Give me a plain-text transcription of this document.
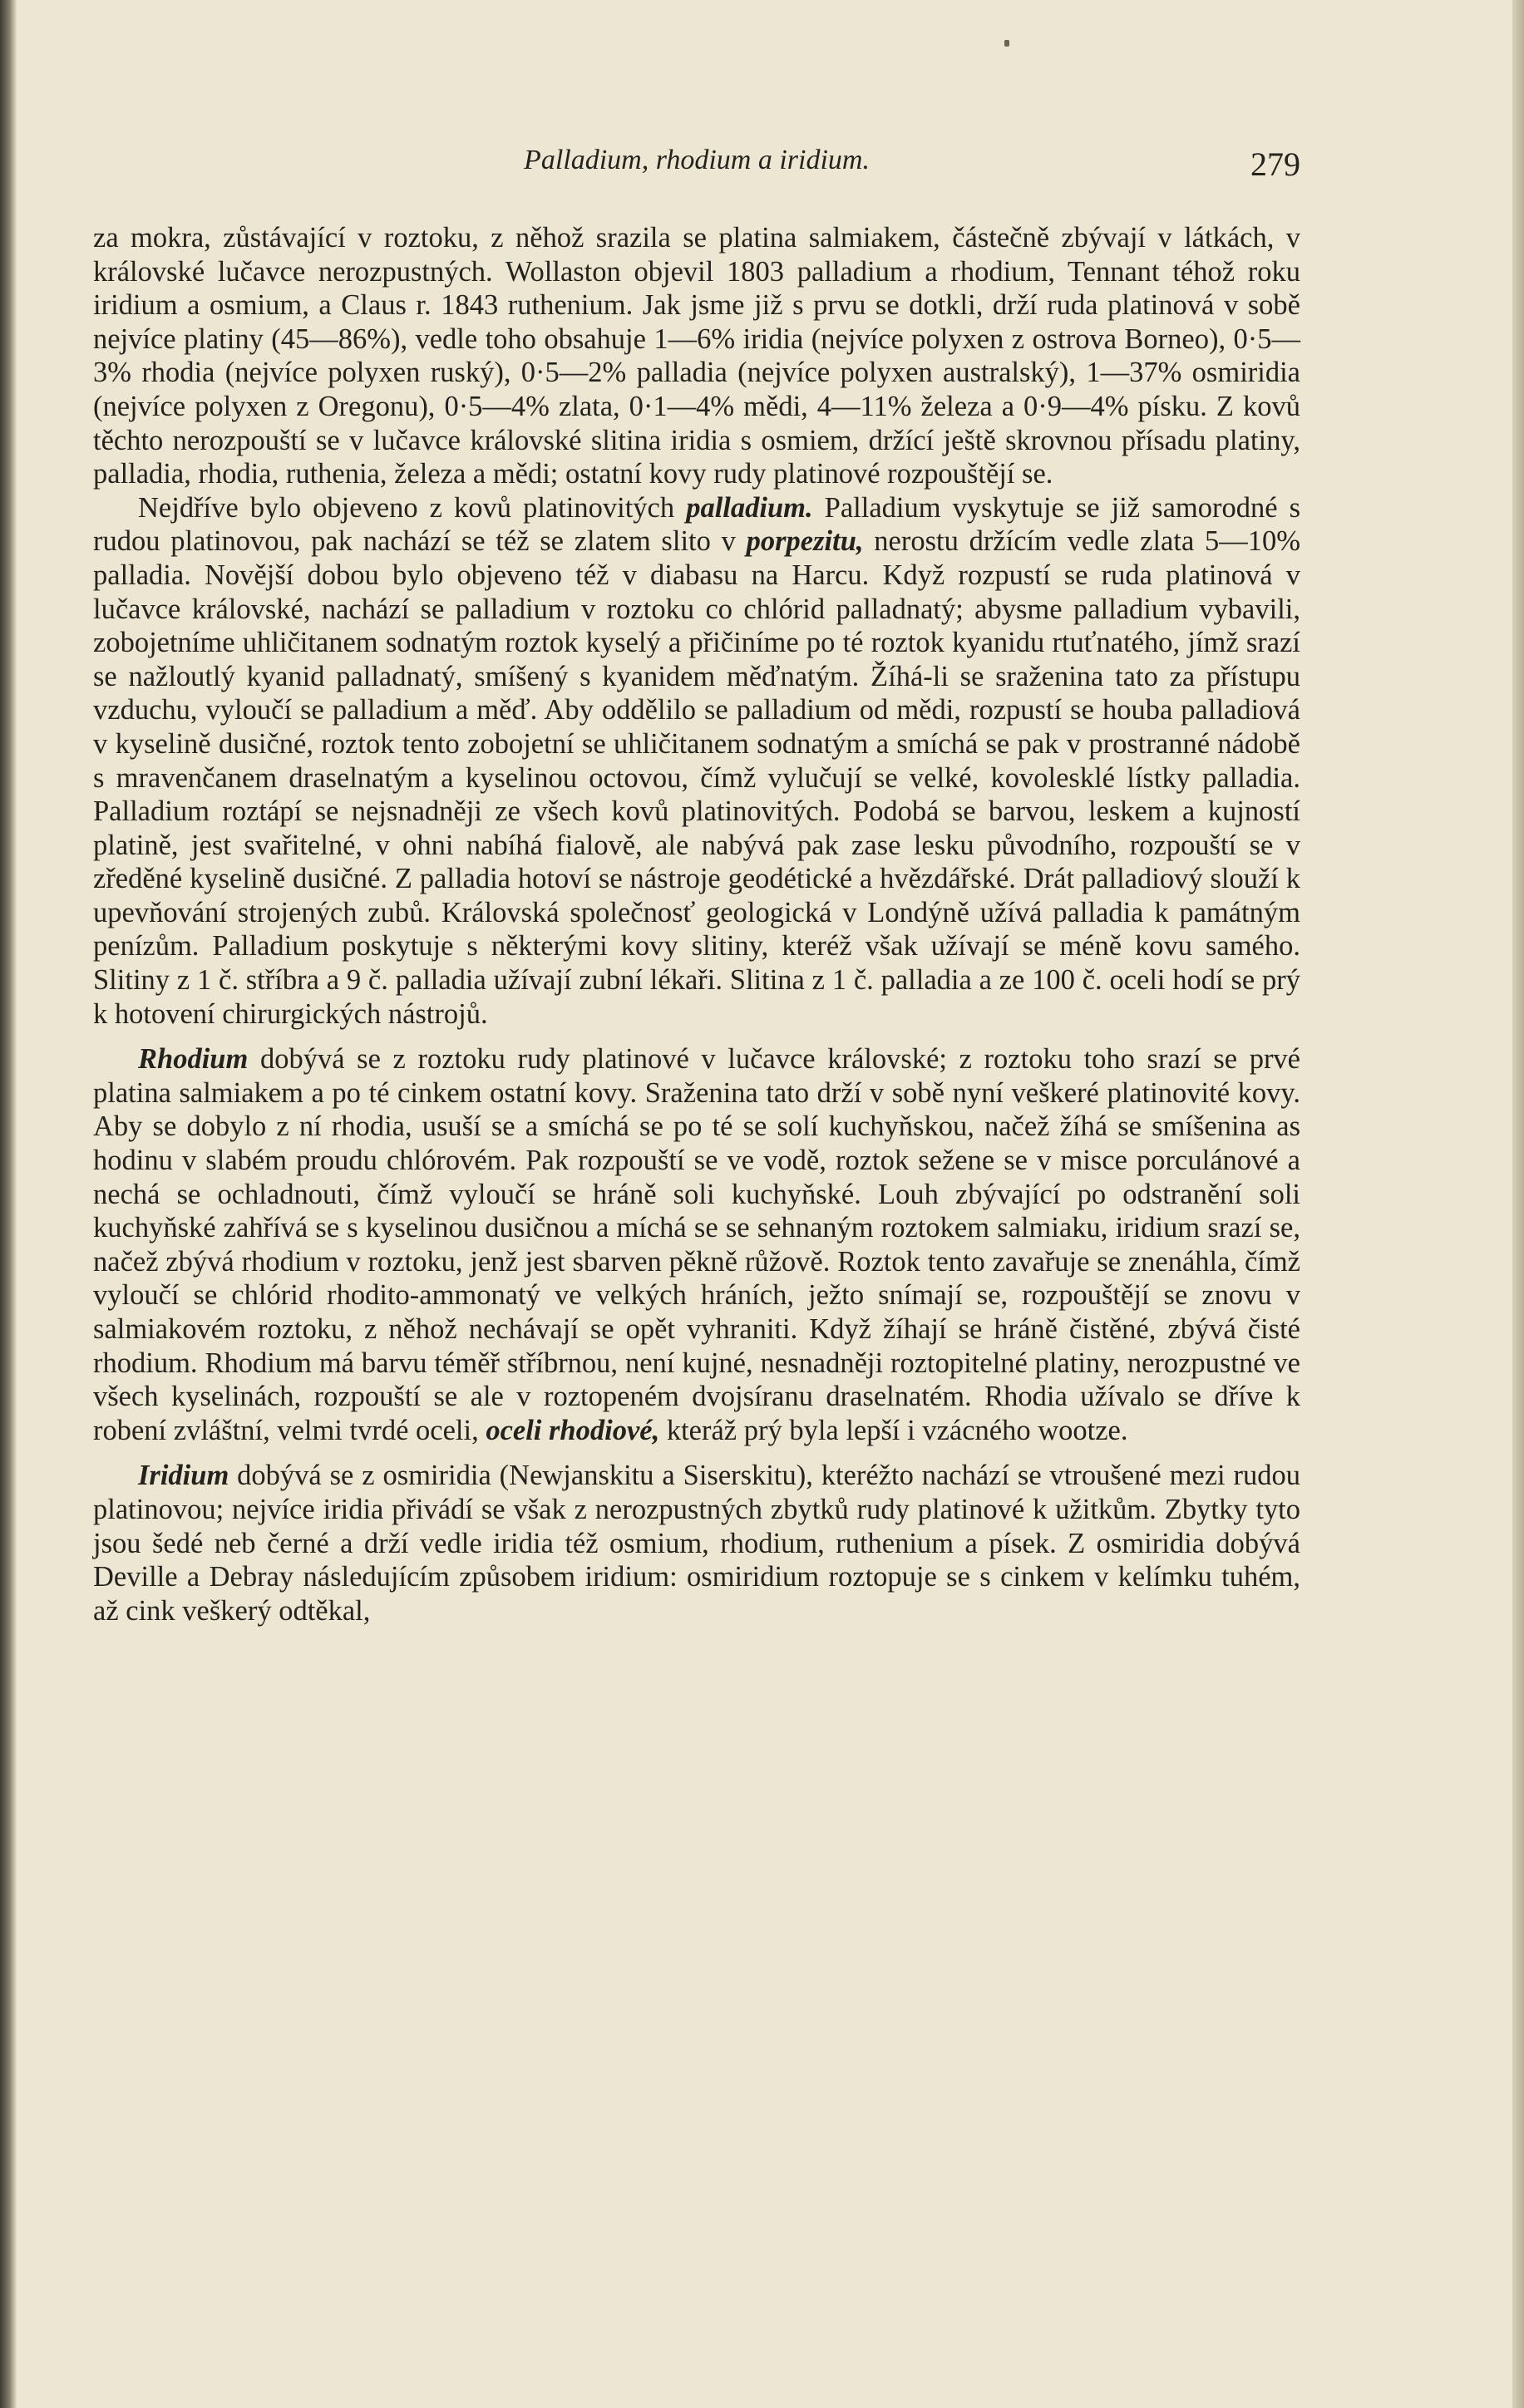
Palladium, rhodium a iridium.	279

za mokra, zůstávající v roztoku, z něhož srazila se platina salmiakem, částečně zbývají v látkách, v královské lučavce nerozpustných. Wollaston objevil 1803 palladium a rhodium, Tennant téhož roku iridium a osmium, a Claus r. 1843 ruthenium. Jak jsme již s prvu se dotkli, drží ruda platinová v sobě nejvíce platiny (45—86%), vedle toho obsahuje 1—6% iridia (nejvíce polyxen z ostrova Borneo), 0·5—3% rhodia (nejvíce polyxen ruský), 0·5—2% palladia (nejvíce polyxen australský), 1—37% osmiridia (nejvíce polyxen z Oregonu), 0·5—4% zlata, 0·1—4% mědi, 4—11% železa a 0·9—4% písku. Z kovů těchto nerozpouští se v lučavce královské slitina iridia s osmiem, držící ještě skrovnou přísadu platiny, palladia, rhodia, ruthenia, železa a mědi; ostatní kovy rudy platinové rozpouštějí se.

Nejdříve bylo objeveno z kovů platinovitých palladium. Palladium vyskytuje se již samorodné s rudou platinovou, pak nachází se též se zlatem slito v porpezitu, nerostu držícím vedle zlata 5—10% palladia. Novější dobou bylo objeveno též v diabasu na Harcu. Když rozpustí se ruda platinová v lučavce královské, nachází se palladium v roztoku co chlórid palladnatý; abysme palladium vybavili, zobojetníme uhličitanem sodnatým roztok kyselý a přičiníme po té roztok kyanidu rtuťnatého, jímž srazí se nažloutlý kyanid palladnatý, smíšený s kyanidem měďnatým. Žíhá-li se sraženina tato za přístupu vzduchu, vyloučí se palladium a měď. Aby oddělilo se palladium od mědi, rozpustí se houba palladiová v kyselině dusičné, roztok tento zobojetní se uhličitanem sodnatým a smíchá se pak v prostranné nádobě s mravenčanem draselnatým a kyselinou octovou, čímž vylučují se velké, kovolesklé lístky palladia. Palladium roztápí se nejsnadněji ze všech kovů platinovitých. Podobá se barvou, leskem a kujností platině, jest svařitelné, v ohni nabíhá fialově, ale nabývá pak zase lesku původního, rozpouští se v zředěné kyselině dusičné. Z palladia hotoví se nástroje geodétické a hvězdářské. Drát palladiový slouží k upevňování strojených zubů. Královská společnosť geologická v Londýně užívá palladia k památným penízům. Palladium poskytuje s některými kovy slitiny, kteréž však užívají se méně kovu samého. Slitiny z 1 č. stříbra a 9 č. palladia užívají zubní lékaři. Slitina z 1 č. palladia a ze 100 č. oceli hodí se prý k hotovení chirurgických nástrojů.

Rhodium dobývá se z roztoku rudy platinové v lučavce královské; z roztoku toho srazí se prvé platina salmiakem a po té cinkem ostatní kovy. Sraženina tato drží v sobě nyní veškeré platinovité kovy. Aby se dobylo z ní rhodia, usuší se a smíchá se po té se solí kuchyňskou, načež žíhá se smíšenina as hodinu v slabém proudu chlórovém. Pak rozpouští se ve vodě, roztok sežene se v misce porculánové a nechá se ochladnouti, čímž vyloučí se hráně soli kuchyňské. Louh zbývající po odstranění soli kuchyňské zahřívá se s kyselinou dusičnou a míchá se se sehnaným roztokem salmiaku, iridium srazí se, načež zbývá rhodium v roztoku, jenž jest sbarven pěkně růžově. Roztok tento zavařuje se znenáhla, čímž vyloučí se chlórid rhodito-ammonatý ve velkých hráních, ježto snímají se, rozpouštějí se znovu v salmiakovém roztoku, z něhož nechávají se opět vyhraniti. Když žíhají se hráně čistěné, zbývá čisté rhodium. Rhodium má barvu téměř stříbrnou, není kujné, nesnadněji roztopitelné platiny, nerozpustné ve všech kyselinách, rozpouští se ale v roztopeném dvojsíranu draselnatém. Rhodia užívalo se dříve k robení zvláštní, velmi tvrdé oceli, oceli rhodiové, kteráž prý byla lepší i vzácného wootze.

Iridium dobývá se z osmiridia (Newjanskitu a Siserskitu), kteréžto nachází se vtroušené mezi rudou platinovou; nejvíce iridia přivádí se však z nerozpustných zbytků rudy platinové k užitkům. Zbytky tyto jsou šedé neb černé a drží vedle iridia též osmium, rhodium, ruthenium a písek. Z osmiridia dobývá Deville a Debray následujícím způsobem iridium: osmiridium roztopuje se s cinkem v kelímku tuhém, až cink veškerý odtěkal,
